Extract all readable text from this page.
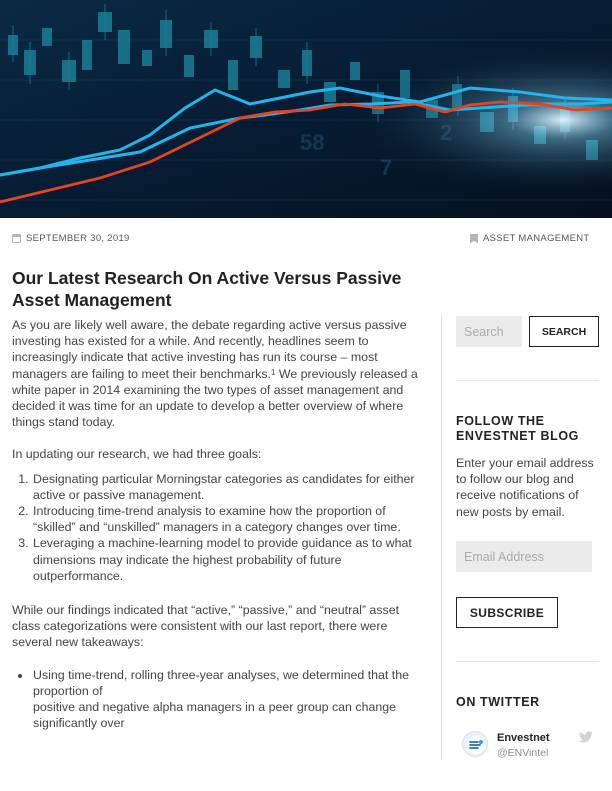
SEPTEMBER 30, 2019	ASSET MANAGEMENT
Our Latest Research On Active Versus Passive Asset Management

As you are likely well aware, the debate regarding active versus passive investing has existed for a while. And recently, headlines seem to increasingly indicate that active investing has run its course – most managers are failing to meet their benchmarks.$^1$ We previously released a white paper in 2014 examining the two types of asset management and decided it was time for an update to develop a better overview of where things stand today.

In updating our research, we had three goals:

1. Designating particular Morningstar categories as candidates for either active or passive management.
2. Introducing time-trend analysis to examine how the proportion of “skilled” and “unskilled” managers in a category changes over time.
3. Leveraging a machine-learning model to provide guidance as to what dimensions may indicate the highest probability of future outperformance.

While our findings indicated that “active,” “passive,” and “neutral” asset class categorizations were consistent with our last report, there were several new takeaways:

• Using time-trend, rolling three-year analyses, we determined that the proportion of
positive and negative alpha managers in a peer group can change significantly over
Search
SEARCH
FOLLOW THE ENVESTNET BLOG

Enter your email address to follow our blog and receive notifications of new posts by email.

Email Address
SUBSCRIBE
ON TWITTER
Envestnet
@ENVintel
